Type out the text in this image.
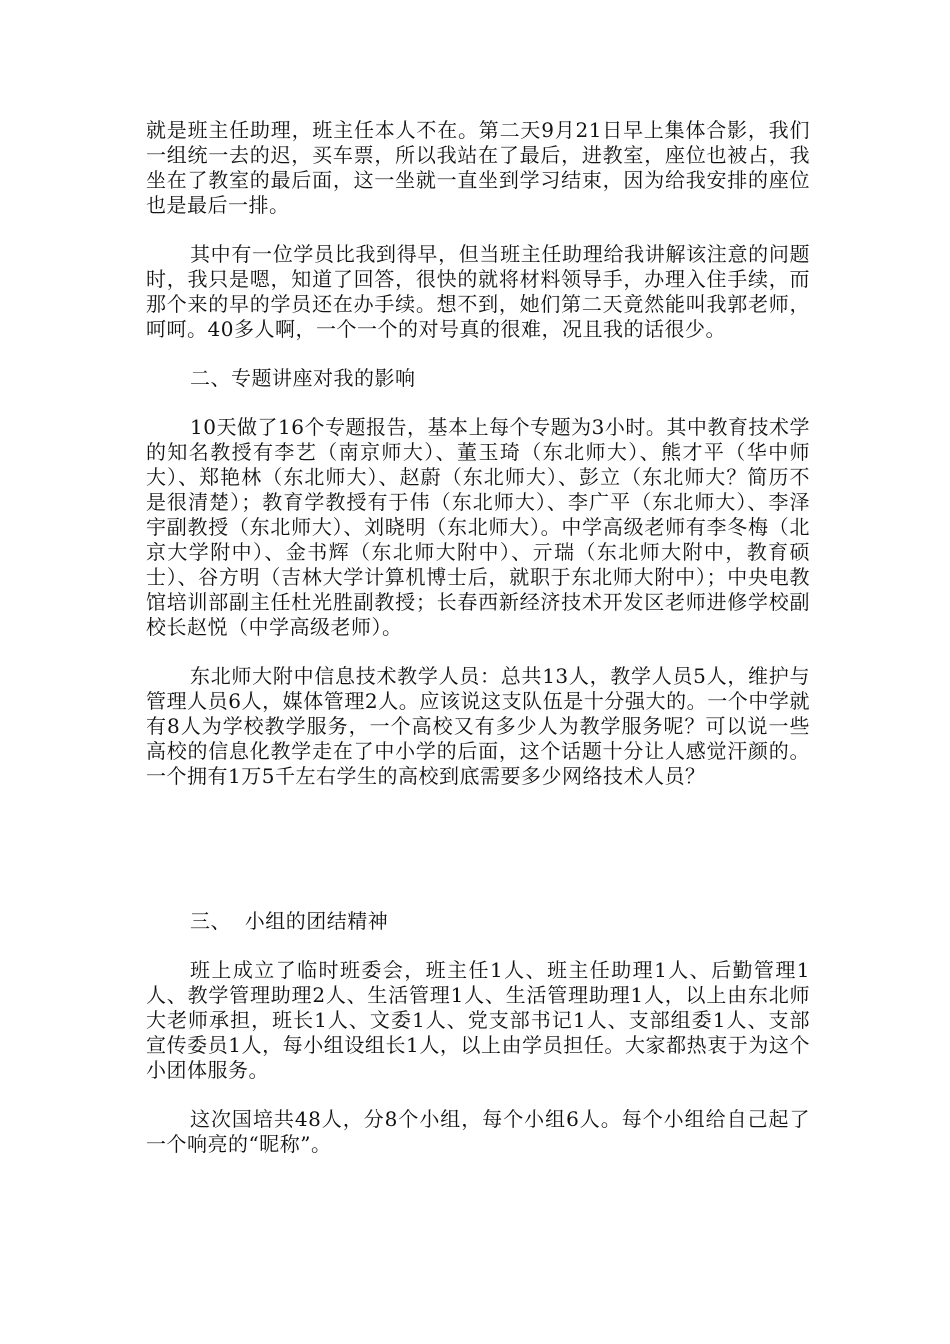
就是班主任助理，班主任本人不在。第二天9月21日早上集体合影，我们一组统一去的迟，买车票，所以我站在了最后，进教室，座位也被占，我坐在了教室的最后面，这一坐就一直坐到学习结束，因为给我安排的座位也是最后一排。

其中有一位学员比我到得早，但当班主任助理给我讲解该注意的问题时，我只是嗯，知道了回答，很快的就将材料领导手，办理入住手续，而那个来的早的学员还在办手续。想不到，她们第二天竟然能叫我郭老师，呵呵。40多人啊，一个一个的对号真的很难，况且我的话很少。

二、专题讲座对我的影响

10天做了16个专题报告，基本上每个专题为3小时。其中教育技术学的知名教授有李艺（南京师大）、董玉琦（东北师大）、熊才平（华中师大）、郑艳林（东北师大）、赵蔚（东北师大）、彭立（东北师大？简历不是很清楚）；教育学教授有于伟（东北师大）、李广平（东北师大）、李泽宇副教授（东北师大）、刘晓明（东北师大）。中学高级老师有李冬梅（北京大学附中）、金书辉（东北师大附中）、亓瑞（东北师大附中，教育硕士）、谷方明（吉林大学计算机博士后，就职于东北师大附中）；中央电教馆培训部副主任杜光胜副教授；长春西新经济技术开发区老师进修学校副校长赵悦（中学高级老师）。

东北师大附中信息技术教学人员：总共13人，教学人员5人，维护与管理人员6人，媒体管理2人。应该说这支队伍是十分强大的。一个中学就有8人为学校教学服务，一个高校又有多少人为教学服务呢？可以说一些高校的信息化教学走在了中小学的后面，这个话题十分让人感觉汗颜的。一个拥有1万5千左右学生的高校到底需要多少网络技术人员？

三、  小组的团结精神

班上成立了临时班委会，班主任1人、班主任助理1人、后勤管理1人、教学管理助理2人、生活管理1人、生活管理助理1人，以上由东北师大老师承担，班长1人、文委1人、党支部书记1人、支部组委1人、支部宣传委员1人，每小组设组长1人，以上由学员担任。大家都热衷于为这个小团体服务。

这次国培共48人，分8个小组，每个小组6人。每个小组给自己起了一个响亮的“昵称”。
